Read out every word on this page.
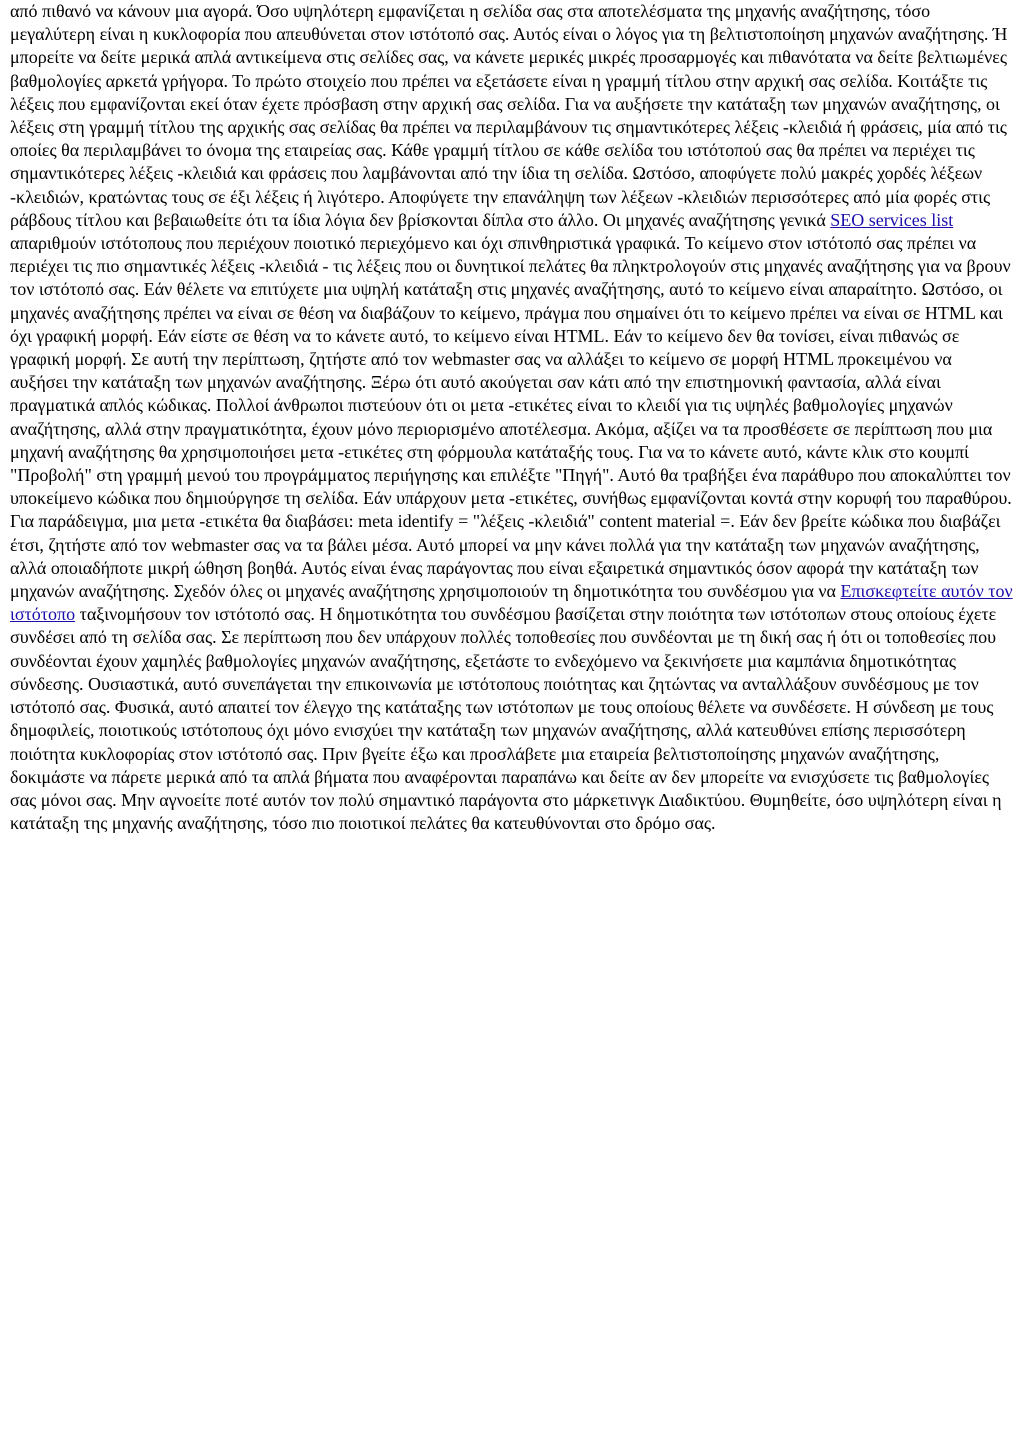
από πιθανό να κάνουν μια αγορά. Όσο υψηλότερη εμφανίζεται η σελίδα σας στα αποτελέσματα της μηχανής αναζήτησης, τόσο μεγαλύτερη είναι η κυκλοφορία που απευθύνεται στον ιστότοπό σας. Αυτός είναι ο λόγος για τη βελτιστοποίηση μηχανών αναζήτησης. Ή μπορείτε να δείτε μερικά απλά αντικείμενα στις σελίδες σας, να κάνετε μερικές μικρές προσαρμογές και πιθανότατα να δείτε βελτιωμένες βαθμολογίες αρκετά γρήγορα. Το πρώτο στοιχείο που πρέπει να εξετάσετε είναι η γραμμή τίτλου στην αρχική σας σελίδα. Κοιτάξτε τις λέξεις που εμφανίζονται εκεί όταν έχετε πρόσβαση στην αρχική σας σελίδα. Για να αυξήσετε την κατάταξη των μηχανών αναζήτησης, οι λέξεις στη γραμμή τίτλου της αρχικής σας σελίδας θα πρέπει να περιλαμβάνουν τις σημαντικότερες λέξεις -κλειδιά ή φράσεις, μία από τις οποίες θα περιλαμβάνει το όνομα της εταιρείας σας. Κάθε γραμμή τίτλου σε κάθε σελίδα του ιστότοπού σας θα πρέπει να περιέχει τις σημαντικότερες λέξεις -κλειδιά και φράσεις που λαμβάνονται από την ίδια τη σελίδα. Ωστόσο, αποφύγετε πολύ μακρές χορδές λέξεων -κλειδιών, κρατώντας τους σε έξι λέξεις ή λιγότερο. Αποφύγετε την επανάληψη των λέξεων -κλειδιών περισσότερες από μία φορές στις ράβδους τίτλου και βεβαιωθείτε ότι τα ίδια λόγια δεν βρίσκονται δίπλα στο άλλο. Οι μηχανές αναζήτησης γενικά SEO services list απαριθμούν ιστότοπους που περιέχουν ποιοτικό περιεχόμενο και όχι σπινθηριστικά γραφικά. Το κείμενο στον ιστότοπό σας πρέπει να περιέχει τις πιο σημαντικές λέξεις -κλειδιά - τις λέξεις που οι δυνητικοί πελάτες θα πληκτρολογούν στις μηχανές αναζήτησης για να βρουν τον ιστότοπό σας. Εάν θέλετε να επιτύχετε μια υψηλή κατάταξη στις μηχανές αναζήτησης, αυτό το κείμενο είναι απαραίτητο. Ωστόσο, οι μηχανές αναζήτησης πρέπει να είναι σε θέση να διαβάζουν το κείμενο, πράγμα που σημαίνει ότι το κείμενο πρέπει να είναι σε HTML και όχι γραφική μορφή. Εάν είστε σε θέση να το κάνετε αυτό, το κείμενο είναι HTML. Εάν το κείμενο δεν θα τονίσει, είναι πιθανώς σε γραφική μορφή. Σε αυτή την περίπτωση, ζητήστε από τον webmaster σας να αλλάξει το κείμενο σε μορφή HTML προκειμένου να αυξήσει την κατάταξη των μηχανών αναζήτησης. Ξέρω ότι αυτό ακούγεται σαν κάτι από την επιστημονική φαντασία, αλλά είναι πραγματικά απλός κώδικας. Πολλοί άνθρωποι πιστεύουν ότι οι μετα -ετικέτες είναι το κλειδί για τις υψηλές βαθμολογίες μηχανών αναζήτησης, αλλά στην πραγματικότητα, έχουν μόνο περιορισμένο αποτέλεσμα. Ακόμα, αξίζει να τα προσθέσετε σε περίπτωση που μια μηχανή αναζήτησης θα χρησιμοποιήσει μετα -ετικέτες στη φόρμουλα κατάταξής τους. Για να το κάνετε αυτό, κάντε κλικ στο κουμπί "Προβολή" στη γραμμή μενού του προγράμματος περιήγησης και επιλέξτε "Πηγή". Αυτό θα τραβήξει ένα παράθυρο που αποκαλύπτει τον υποκείμενο κώδικα που δημιούργησε τη σελίδα. Εάν υπάρχουν μετα -ετικέτες, συνήθως εμφανίζονται κοντά στην κορυφή του παραθύρου. Για παράδειγμα, μια μετα -ετικέτα θα διαβάσει: meta identify = "λέξεις -κλειδιά" content material =. Εάν δεν βρείτε κώδικα που διαβάζει έτσι, ζητήστε από τον webmaster σας να τα βάλει μέσα. Αυτό μπορεί να μην κάνει πολλά για την κατάταξη των μηχανών αναζήτησης, αλλά οποιαδήποτε μικρή ώθηση βοηθά. Αυτός είναι ένας παράγοντας που είναι εξαιρετικά σημαντικός όσον αφορά την κατάταξη των μηχανών αναζήτησης. Σχεδόν όλες οι μηχανές αναζήτησης χρησιμοποιούν τη δημοτικότητα του συνδέσμου για να Επισκεφτείτε αυτόν τον ιστότοπο ταξινομήσουν τον ιστότοπό σας. Η δημοτικότητα του συνδέσμου βασίζεται στην ποιότητα των ιστότοπων στους οποίους έχετε συνδέσει από τη σελίδα σας. Σε περίπτωση που δεν υπάρχουν πολλές τοποθεσίες που συνδέονται με τη δική σας ή ότι οι τοποθεσίες που συνδέονται έχουν χαμηλές βαθμολογίες μηχανών αναζήτησης, εξετάστε το ενδεχόμενο να ξεκινήσετε μια καμπάνια δημοτικότητας σύνδεσης. Ουσιαστικά, αυτό συνεπάγεται την επικοινωνία με ιστότοπους ποιότητας και ζητώντας να ανταλλάξουν συνδέσμους με τον ιστότοπό σας. Φυσικά, αυτό απαιτεί τον έλεγχο της κατάταξης των ιστότοπων με τους οποίους θέλετε να συνδέσετε. Η σύνδεση με τους δημοφιλείς, ποιοτικούς ιστότοπους όχι μόνο ενισχύει την κατάταξη των μηχανών αναζήτησης, αλλά κατευθύνει επίσης περισσότερη ποιότητα κυκλοφορίας στον ιστότοπό σας. Πριν βγείτε έξω και προσλάβετε μια εταιρεία βελτιστοποίησης μηχανών αναζήτησης, δοκιμάστε να πάρετε μερικά από τα απλά βήματα που αναφέρονται παραπάνω και δείτε αν δεν μπορείτε να ενισχύσετε τις βαθμολογίες σας μόνοι σας. Μην αγνοείτε ποτέ αυτόν τον πολύ σημαντικό παράγοντα στο μάρκετινγκ Διαδικτύου. Θυμηθείτε, όσο υψηλότερη είναι η κατάταξη της μηχανής αναζήτησης, τόσο πιο ποιοτικοί πελάτες θα κατευθύνονται στο δρόμο σας.
